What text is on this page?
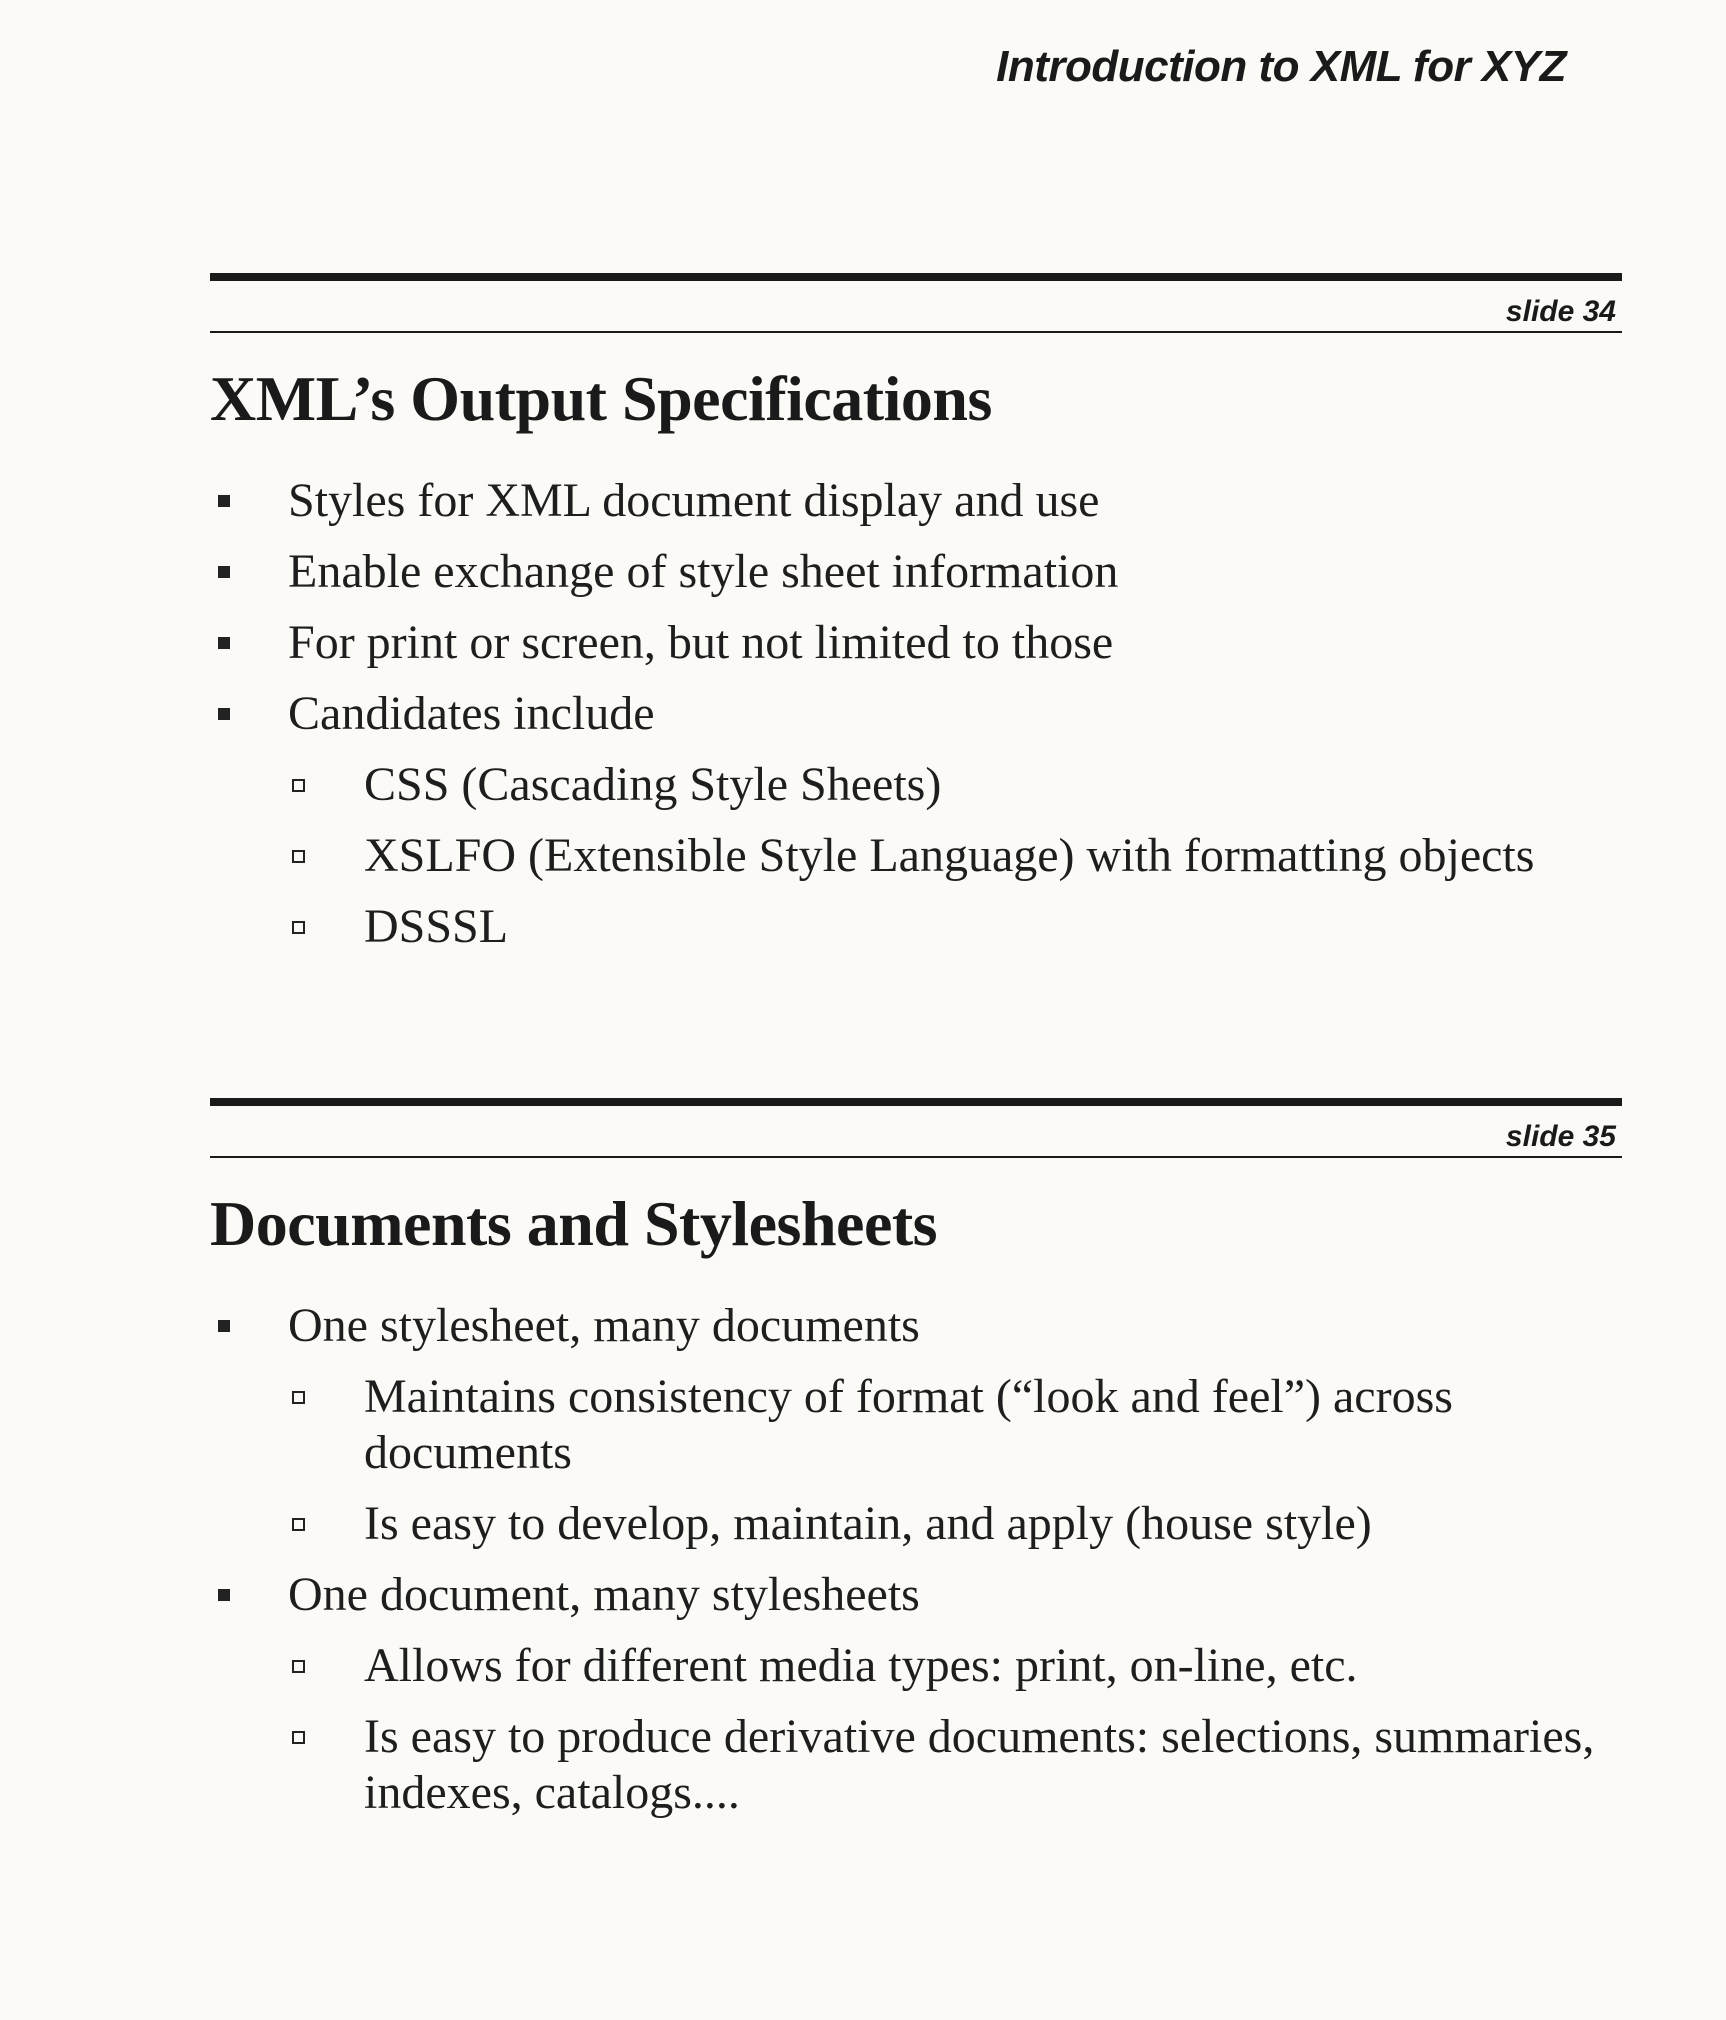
Introduction to XML for XYZ
slide 34
XML’s Output Specifications
Styles for XML document display and use
Enable exchange of style sheet information
For print or screen, but not limited to those
Candidates include
CSS (Cascading Style Sheets)
XSLFO (Extensible Style Language) with formatting objects
DSSSL
slide 35
Documents and Stylesheets
One stylesheet, many documents
Maintains consistency of format (“look and feel”) across documents
Is easy to develop, maintain, and apply (house style)
One document, many stylesheets
Allows for different media types: print, on-line, etc.
Is easy to produce derivative documents: selections, summaries, indexes, catalogs....
